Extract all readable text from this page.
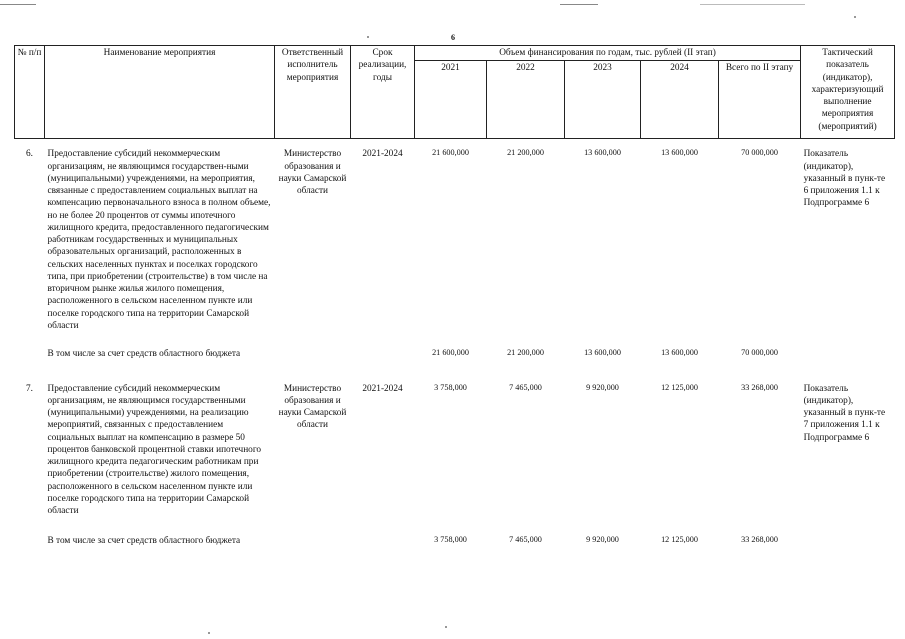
6
№ п/п	Наименование мероприятия	Ответственный исполнитель мероприятия	Срок реализации, годы	Объем финансирования по годам, тыс. рублей (II этап)					Тактический показатель (индикатор), характеризующий выполнение мероприятия (мероприятий)
				2021	2022	2023	2024	Всего по II этапу	

6.	Предоставление субсидий некоммерческим организациям, не являющимся государствен-ными (муниципальными) учреждениями, на мероприятия, связанные с предоставлением социальных выплат на компенсацию первоначального взноса в полном объеме, но не более 20 процентов от суммы ипотечного жилищного кредита, предоставленного педагогическим работникам государственных и муниципальных образовательных организаций, расположенных в сельских населенных пунктах и поселках городского типа, при приобретении (строительстве) в том числе на вторичном рынке жилья жилого помещения, расположенного в сельском населенном пункте или поселке городского типа на территории Самарской области	Министерство образования и науки Самарской области	2021-2024	21 600,000	21 200,000	13 600,000	13 600,000	70 000,000	Показатель (индикатор), указанный в пунк-те 6 приложения 1.1 к Подпрограмме 6

	В том числе за счет средств областного бюджета			21 600,000	21 200,000	13 600,000	13 600,000	70 000,000	

7.	Предоставление субсидий некоммерческим организациям, не являющимся государственными (муниципальными) учреждениями, на реализацию мероприятий, связанных с предоставлением социальных выплат на компенсацию в размере 50 процентов банковской процентной ставки ипотечного жилищного кредита педагогическим работникам при приобретении (строительстве) жилого помещения, расположенного в сельском населенном пункте или поселке городского типа на территории Самарской области	Министерство образования и науки Самарской области	2021-2024	3 758,000	7 465,000	9 920,000	12 125,000	33 268,000	Показатель (индикатор), указанный в пунк-те 7 приложения 1.1 к Подпрограмме 6

	В том числе за счет средств областного бюджета			3 758,000	7 465,000	9 920,000	12 125,000	33 268,000	
